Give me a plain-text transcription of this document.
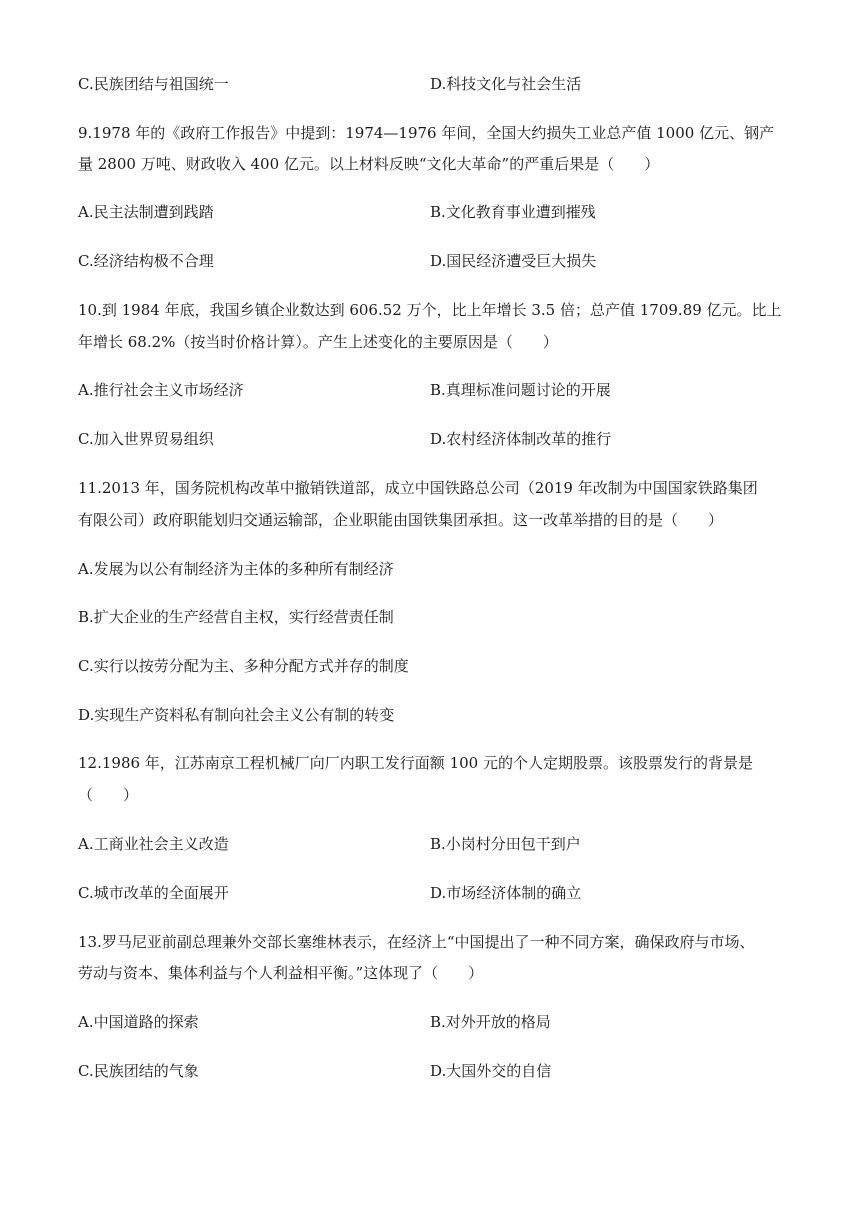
C.民族团结与祖国统一	D.科技文化与社会生活
9.1978 年的《政府工作报告》中提到：1974—1976 年间，全国大约损失工业总产值 1000 亿元、钢产
量 2800 万吨、财政收入 400 亿元。以上材料反映“文化大革命”的严重后果是（　　）
A.民主法制遭到践踏	B.文化教育事业遭到摧残
C.经济结构极不合理	D.国民经济遭受巨大损失
10.到 1984 年底，我国乡镇企业数达到 606.52 万个，比上年增长 3.5 倍；总产值 1709.89 亿元。比上
年增长 68.2%（按当时价格计算）。产生上述变化的主要原因是（　　）
A.推行社会主义市场经济	B.真理标准问题讨论的开展
C.加入世界贸易组织	D.农村经济体制改革的推行
11.2013 年，国务院机构改革中撤销铁道部，成立中国铁路总公司（2019 年改制为中国国家铁路集团
有限公司）政府职能划归交通运输部，企业职能由国铁集团承担。这一改革举措的目的是（　　）
A.发展为以公有制经济为主体的多种所有制经济
B.扩大企业的生产经营自主权，实行经营责任制
C.实行以按劳分配为主、多种分配方式并存的制度
D.实现生产资料私有制向社会主义公有制的转变
12.1986 年，江苏南京工程机械厂向厂内职工发行面额 100 元的个人定期股票。该股票发行的背景是
（　　）
A.工商业社会主义改造	B.小岗村分田包干到户
C.城市改革的全面展开	D.市场经济体制的确立
13.罗马尼亚前副总理兼外交部长塞维林表示，在经济上“中国提出了一种不同方案，确保政府与市场、
劳动与资本、集体利益与个人利益相平衡。”这体现了（　　）
A.中国道路的探索	B.对外开放的格局
C.民族团结的气象	D.大国外交的自信
